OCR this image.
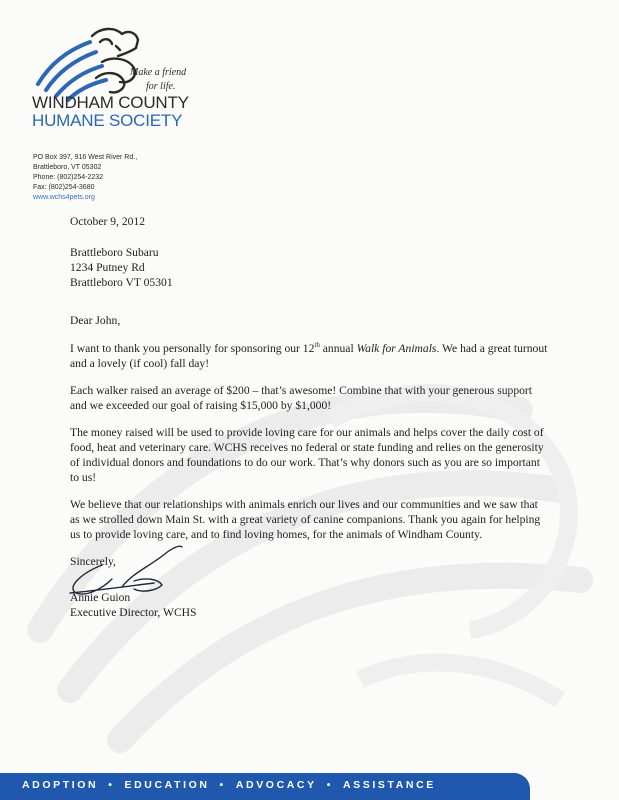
Make a friend
for life.
WINDHAM COUNTY
HUMANE SOCIETY
PO Box 397, 916 West River Rd.,
Brattleboro, VT 05302
Phone: (802)254-2232
Fax: (802)254-3680
www.wchs4pets.org

October 9, 2012

Brattleboro Subaru
1234 Putney Rd
Brattleboro VT 05301

Dear John,

I want to thank you personally for sponsoring our 12th annual Walk for Animals. We had a great turnout and a lovely (if cool) fall day!

Each walker raised an average of $200 – that’s awesome! Combine that with your generous support and we exceeded our goal of raising $15,000 by $1,000!

The money raised will be used to provide loving care for our animals and helps cover the daily cost of food, heat and veterinary care. WCHS receives no federal or state funding and relies on the generosity of individual donors and foundations to do our work. That’s why donors such as you are so important to us!

We believe that our relationships with animals enrich our lives and our communities and we saw that as we strolled down Main St. with a great variety of canine companions. Thank you again for helping us to provide loving care, and to find loving homes, for the animals of Windham County.

Sincerely,

Annie Guion
Executive Director, WCHS
ADOPTION • EDUCATION • ADVOCACY • ASSISTANCE
